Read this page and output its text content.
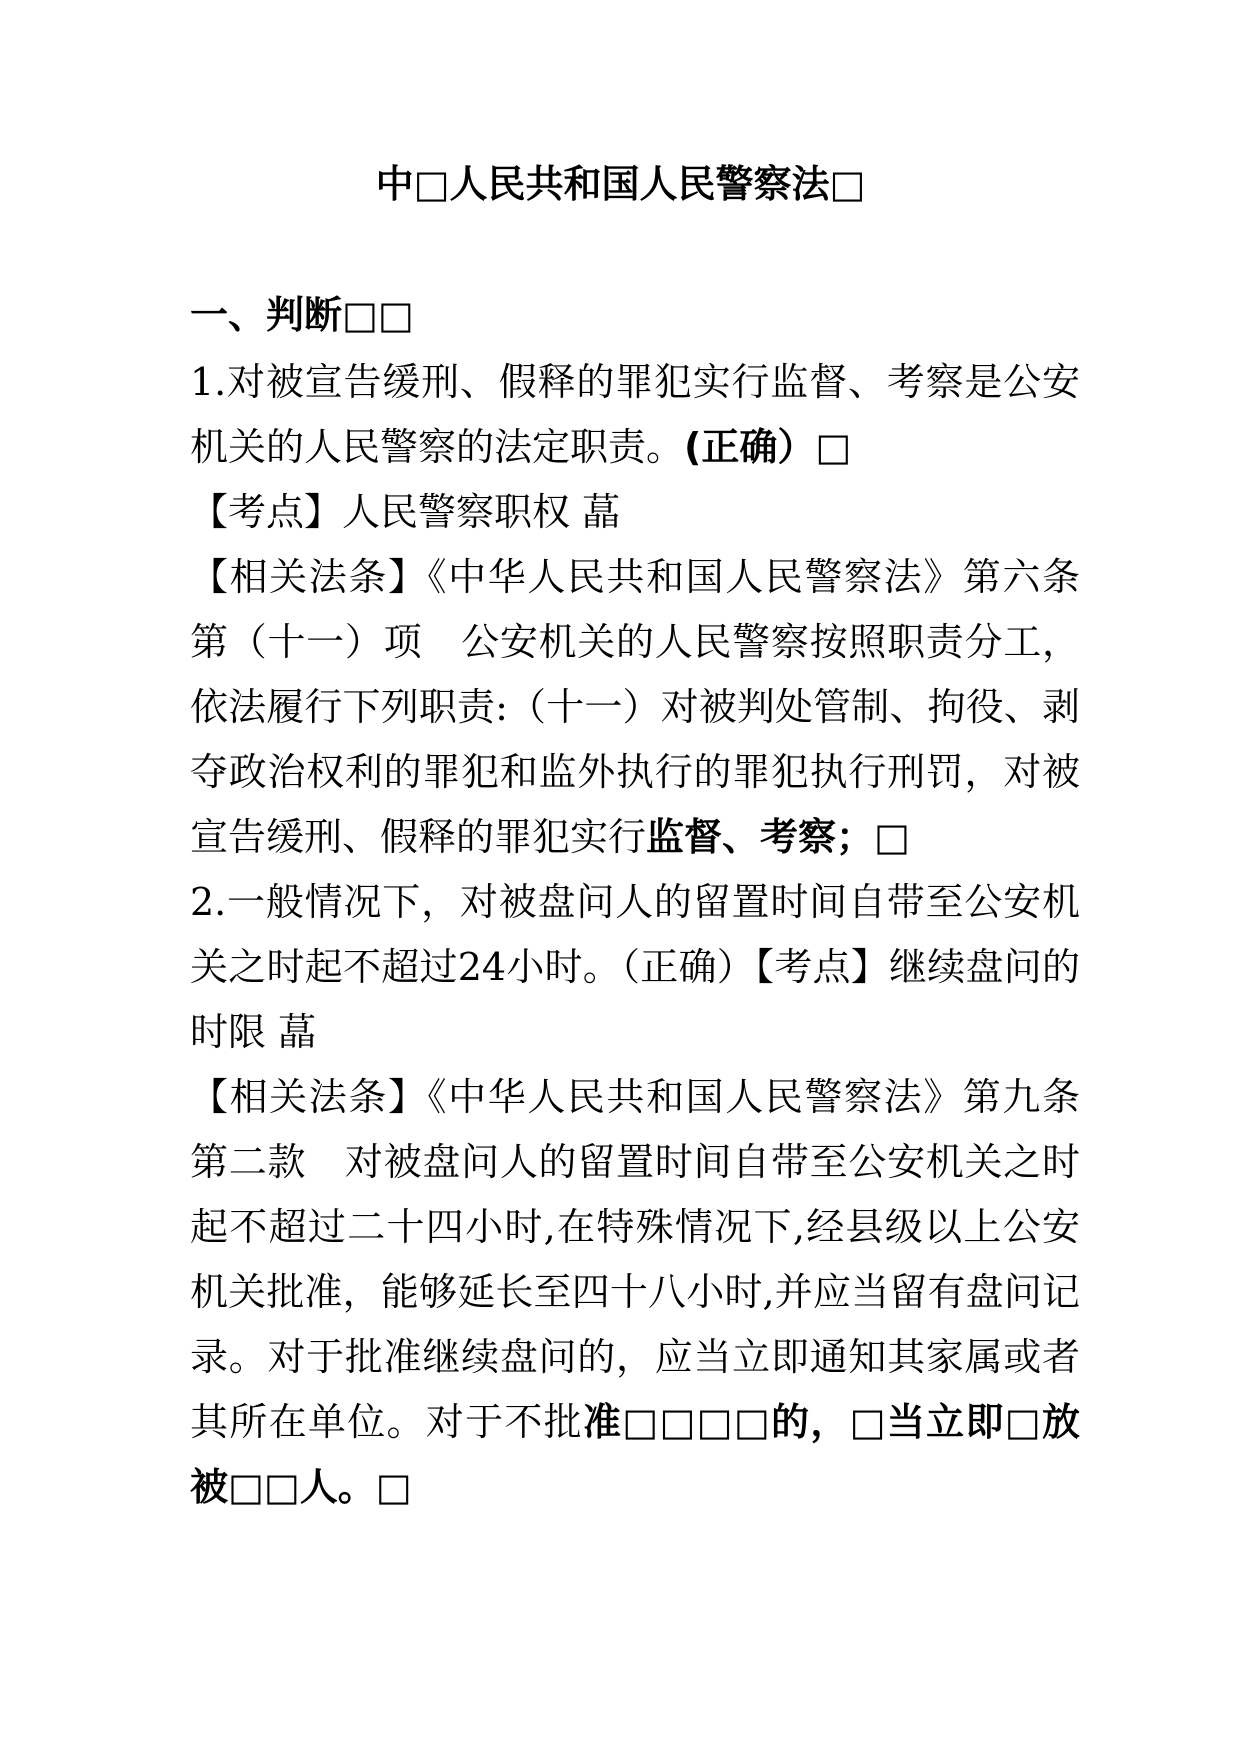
中□人民共和国人民警察法□
一、判断□□

1.对被宣告缓刑、假释的罪犯实行监督、考察是公安机关的人民警察的法定职责。(正确）□

【考点】人民警察职权 蕌

【相关法条】《中华人民共和国人民警察法》第六条第（十一）项　公安机关的人民警察按照职责分工，依法履行下列职责:（十一）对被判处管制、拘役、剥夺政治权利的罪犯和监外执行的罪犯执行刑罚，对被宣告缓刑、假释的罪犯实行监督、考察；□

2.一般情况下，对被盘问人的留置时间自带至公安机关之时起不超过24小时。（正确）【考点】继续盘问的时限 蕌

【相关法条】《中华人民共和国人民警察法》第九条第二款　对被盘问人的留置时间自带至公安机关之时起不超过二十四小时,在特殊情况下,经县级以上公安机关批准，能够延长至四十八小时,并应当留有盘问记录。对于批准继续盘问的，应当立即通知其家属或者其所在单位。对于不批准□□□□的，□当立即□放被□□人。□
